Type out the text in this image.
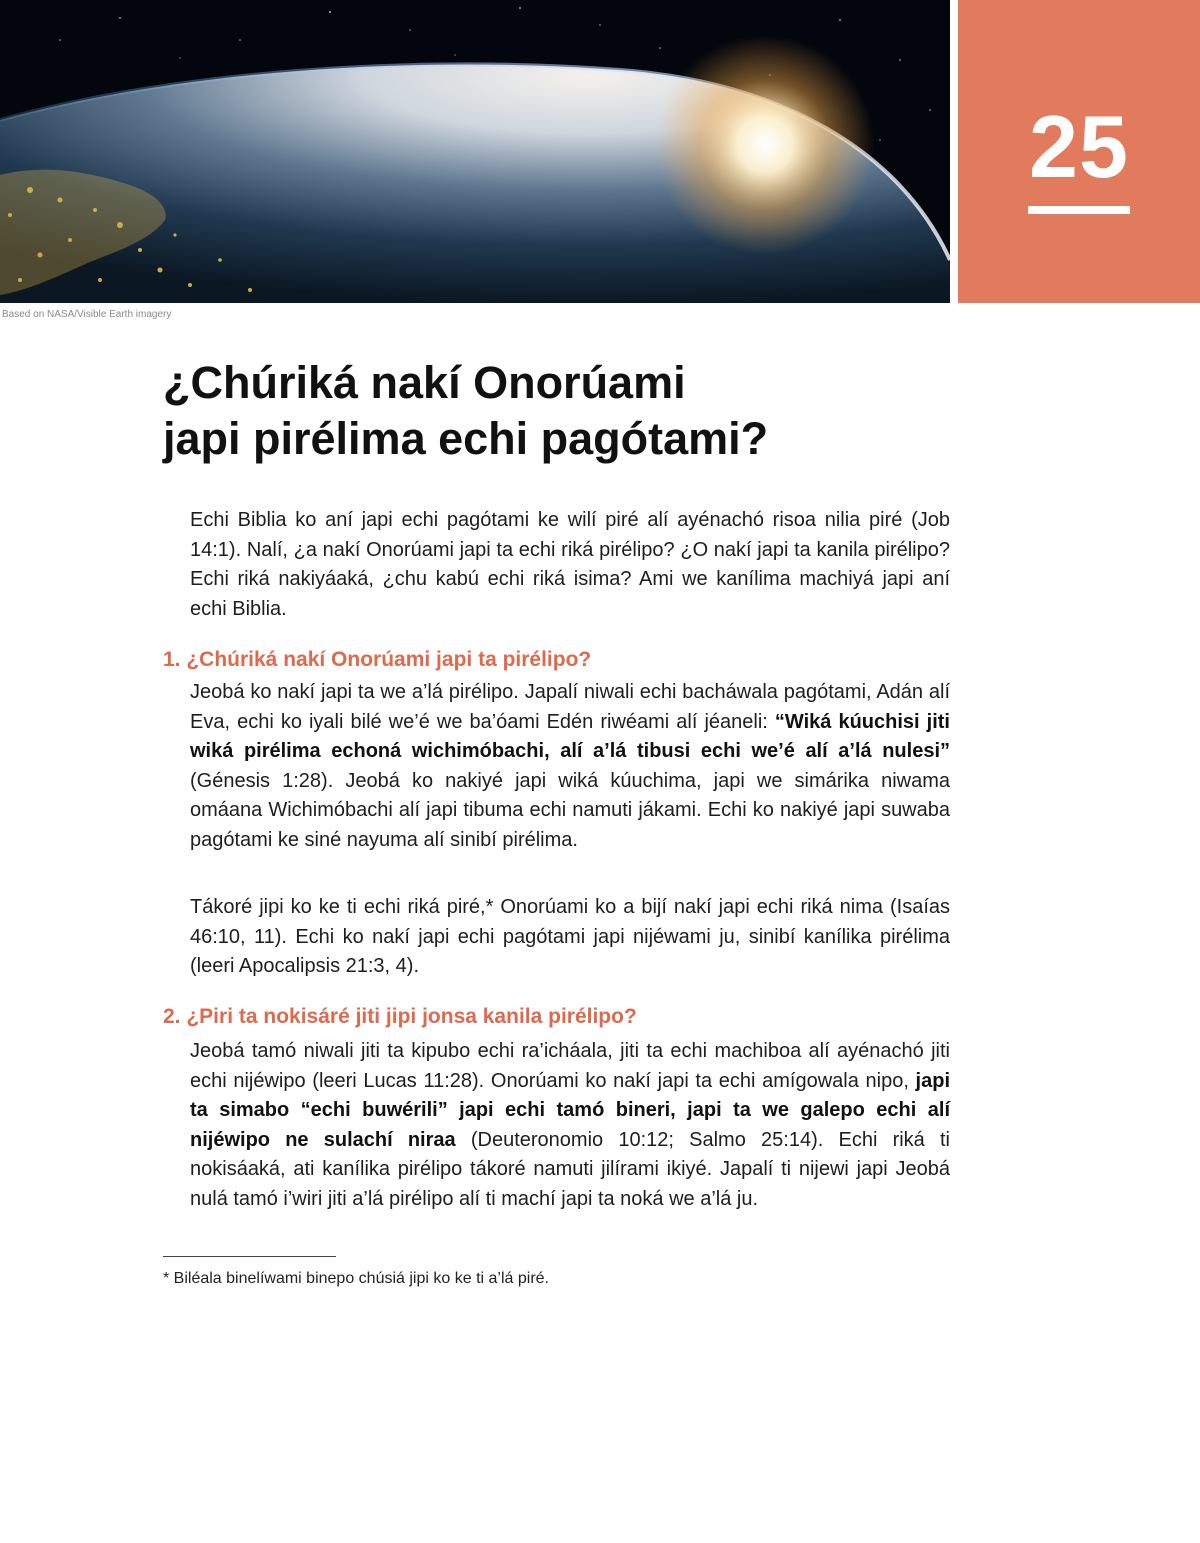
25
Based on NASA/Visible Earth imagery
¿Chúriká nakí Onorúami
japi pirélima echi pagótami?

Echi Biblia ko aní japi echi pagótami ke wilí piré alí ayénachó risoa nilia piré (Job 14:1). Nalí, ¿a nakí Onorúami japi ta echi riká pirélipo? ¿O nakí japi ta kanila pirélipo? Echi riká nakiyáaká, ¿chu kabú echi riká isima? Ami we kanílima machiyá japi aní echi Biblia.

1. ¿Chúriká nakí Onorúami japi ta pirélipo?

Jeobá ko nakí japi ta we a’lá pirélipo. Japalí niwali echi bacháwala pagótami, Adán alí Eva, echi ko iyali bilé we’é we ba’óami Edén riwéami alí jéaneli: “Wiká kúuchisi jiti wiká pirélima echoná wichimóbachi, alí a’lá tibusi echi we’é alí a’lá nulesi” (Génesis 1:28). Jeobá ko nakiyé japi wiká kúuchima, japi we simárika niwama omáana Wichimóbachi alí japi tibuma echi namuti jákami. Echi ko nakiyé japi suwaba pagótami ke siné nayuma alí sinibí pirélima.

Tákoré jipi ko ke ti echi riká piré,* Onorúami ko a bijí nakí japi echi riká nima (Isaías 46:10, 11). Echi ko nakí japi echi pagótami japi nijéwami ju, sinibí kanílika pirélima (leeri Apocalipsis 21:3, 4).

2. ¿Piri ta nokisáré jiti jipi jonsa kanila pirélipo?

Jeobá tamó niwali jiti ta kipubo echi ra’icháala, jiti ta echi machiboa alí ayénachó jiti echi nijéwipo (leeri Lucas 11:28). Onorúami ko nakí japi ta echi amígowala nipo, japi ta simabo “echi buwérili” japi echi tamó bineri, japi ta we galepo echi alí nijéwipo ne sulachí niraa (Deuteronomio 10:12; Salmo 25:14). Echi riká ti nokisáaká, ati kanílika pirélipo tákoré namuti jilírami ikiyé. Japalí ti nijewi japi Jeobá nulá tamó i’wiri jiti a’lá pirélipo alí ti machí japi ta noká we a’lá ju.

* Biléala binelíwami binepo chúsiá jipi ko ke ti a’lá piré.
